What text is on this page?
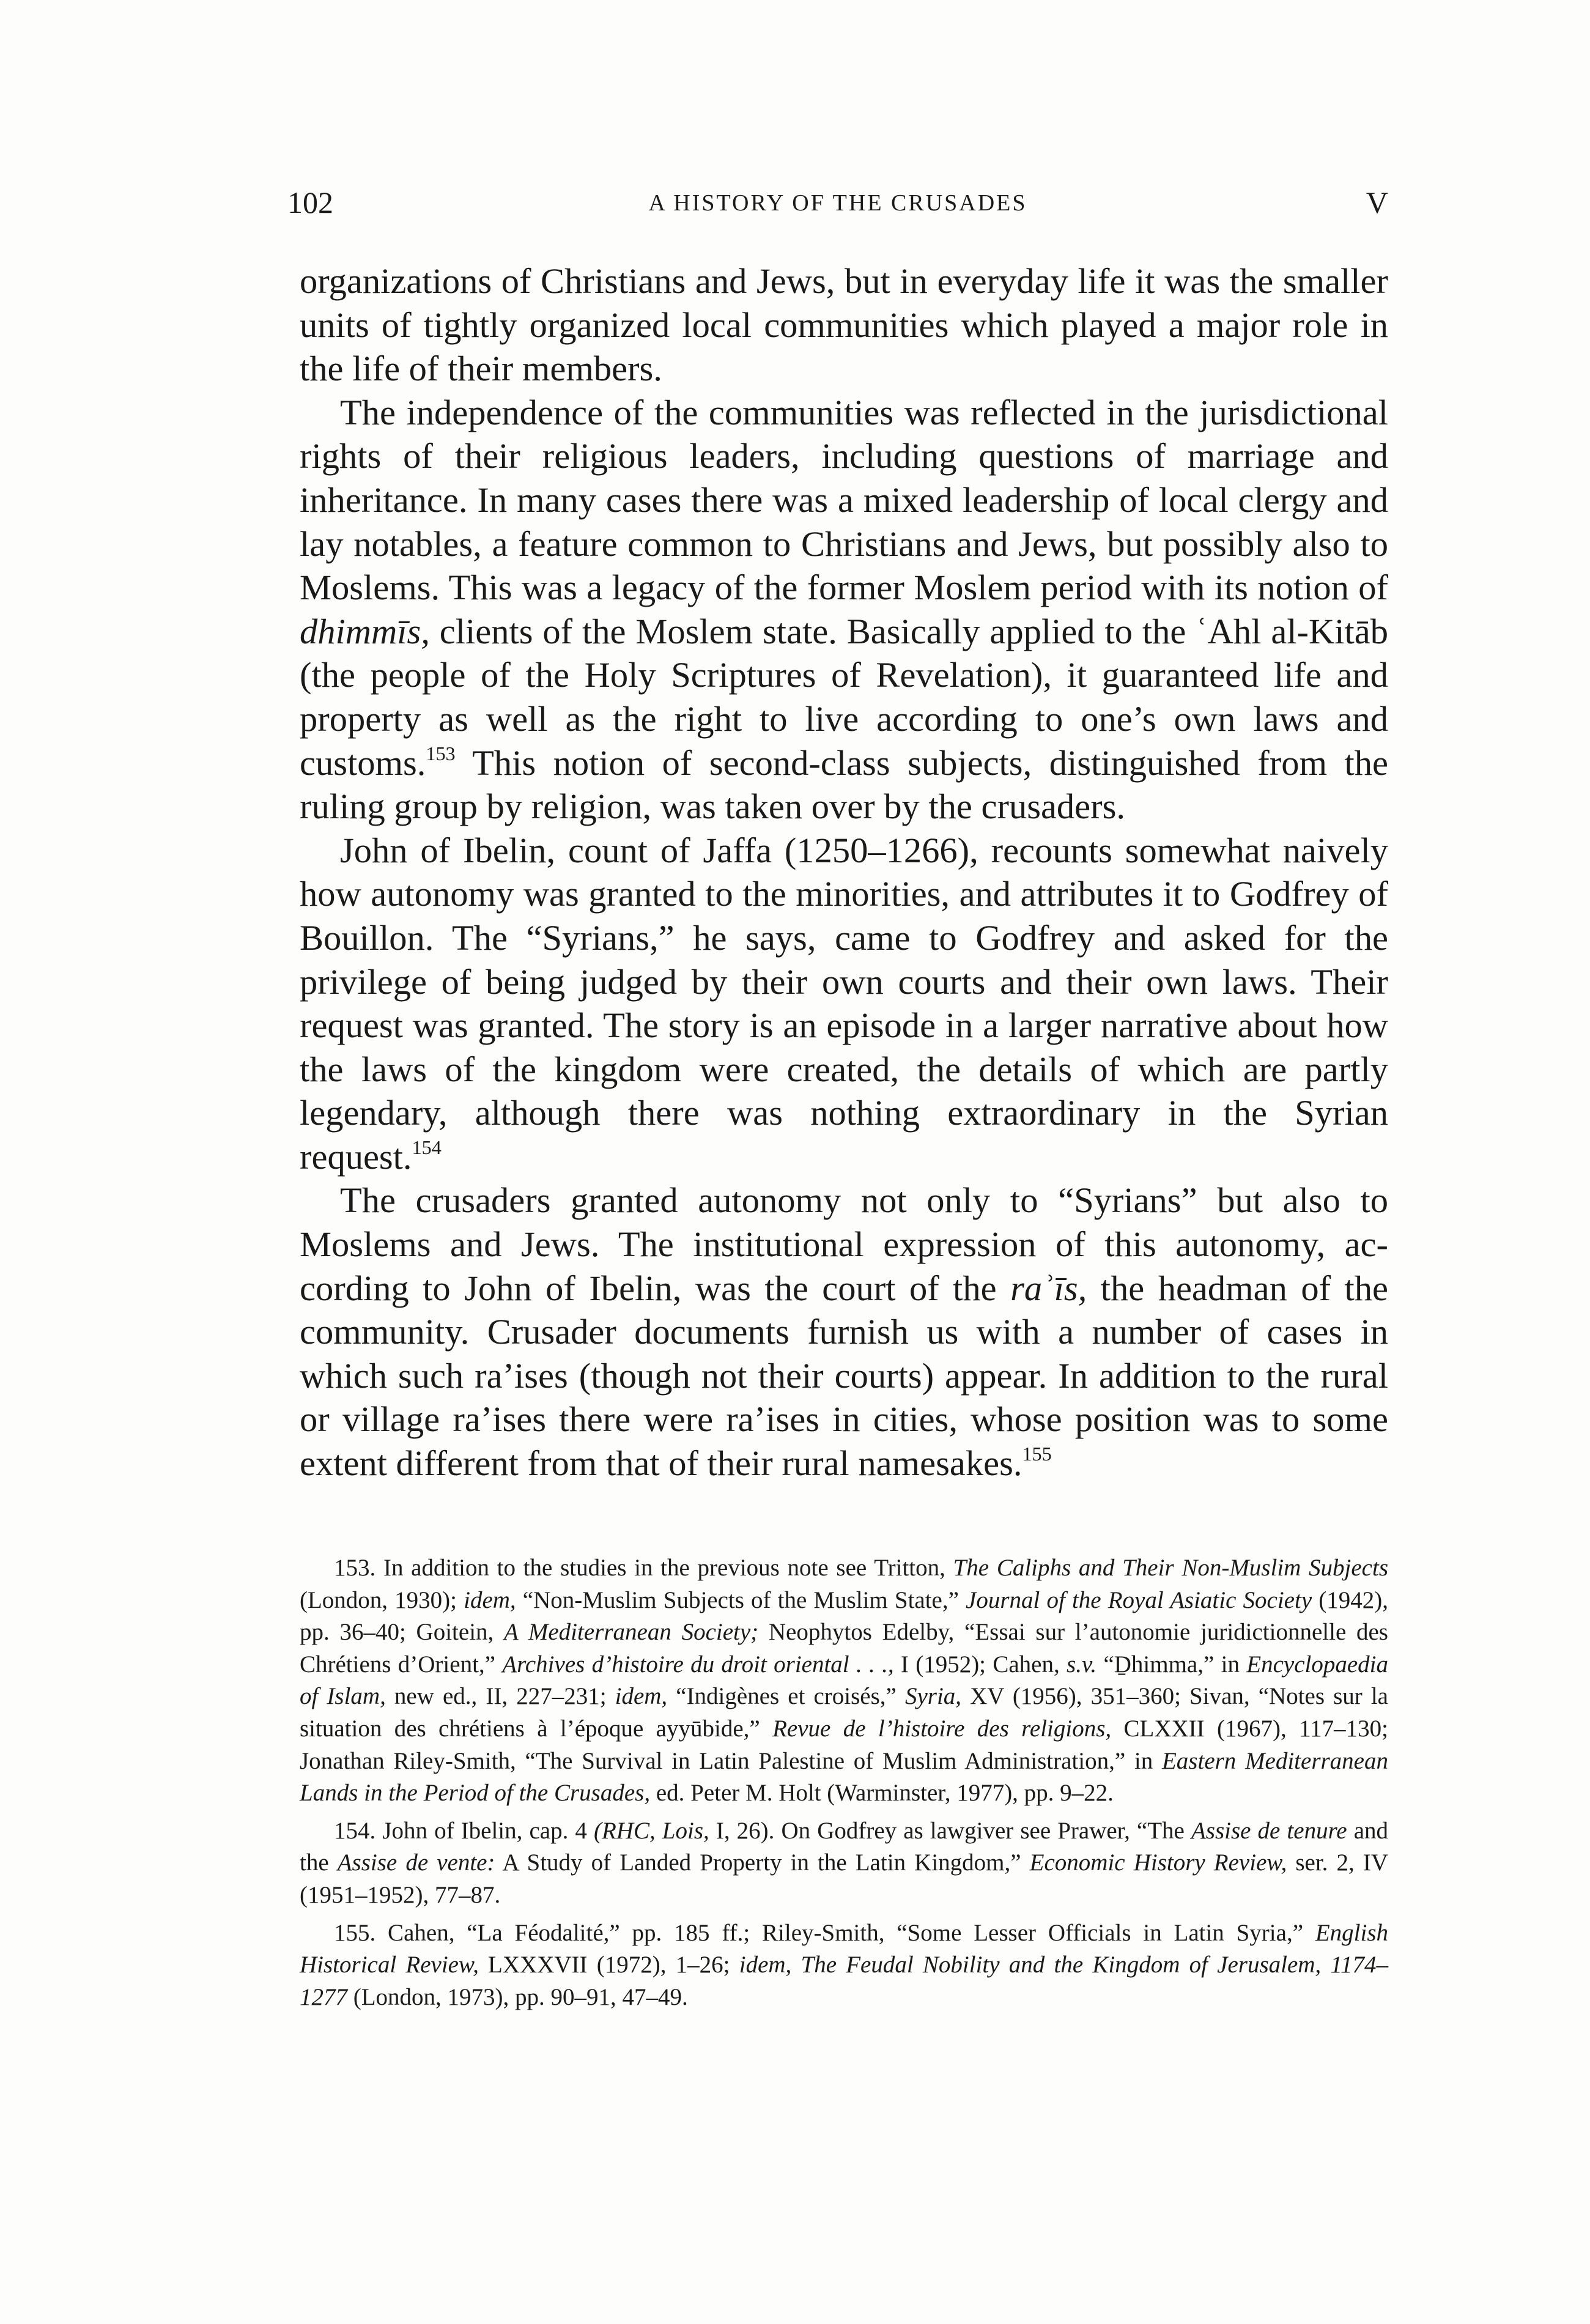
102	A HISTORY OF THE CRUSADES	V

organizations of Christians and Jews, but in everyday life it was the smaller units of tightly organized local communities which played a major role in the life of their members.

The independence of the communities was reflected in the jurisdictional rights of their religious leaders, including questions of marriage and inheritance. In many cases there was a mixed leadership of local clergy and lay notables, a feature common to Christians and Jews, but possibly also to Moslems. This was a legacy of the former Moslem period with its notion of dhimmīs, clients of the Moslem state. Basically applied to the ʿAhl al-Kitāb (the people of the Holy Scriptures of Revelation), it guaranteed life and property as well as the right to live according to one’s own laws and customs.$^{153}$ This notion of second-class subjects, distinguished from the ruling group by religion, was taken over by the crusaders.

John of Ibelin, count of Jaffa (1250–1266), recounts somewhat naively how autonomy was granted to the minorities, and attributes it to Godfrey of Bouillon. The “Syrians,” he says, came to Godfrey and asked for the privilege of being judged by their own courts and their own laws. Their request was granted. The story is an episode in a larger narrative about how the laws of the kingdom were created, the details of which are partly legendary, although there was nothing extraordinary in the Syrian request.$^{154}$

The crusaders granted autonomy not only to “Syrians” but also to Moslems and Jews. The institutional expression of this autonomy, according to John of Ibelin, was the court of the raʾīs, the headman of the community. Crusader documents furnish us with a number of cases in which such ra’ises (though not their courts) appear. In addition to the rural or village ra’ises there were ra’ises in cities, whose position was to some extent different from that of their rural namesakes.$^{155}$

153. In addition to the studies in the previous note see Tritton, The Caliphs and Their Non-Muslim Subjects (London, 1930); idem, “Non-Muslim Subjects of the Muslim State,” Journal of the Royal Asiatic Society (1942), pp. 36–40; Goitein, A Mediterranean Society; Neophytos Edelby, “Essai sur l’autonomie juridictionnelle des Chrétiens d’Orient,” Archives d’histoire du droit oriental . . ., I (1952); Cahen, s.v. “Ḏhimma,” in Encyclopaedia of Islam, new ed., II, 227–231; idem, “Indigènes et croisés,” Syria, XV (1956), 351–360; Sivan, “Notes sur la situation des chrétiens à l’époque ayyūbide,” Revue de l’histoire des religions, CLXXII (1967), 117–130; Jonathan Riley-Smith, “The Survival in Latin Palestine of Muslim Administration,” in Eastern Mediterranean Lands in the Period of the Crusades, ed. Peter M. Holt (Warminster, 1977), pp. 9–22.

154. John of Ibelin, cap. 4 (RHC, Lois, I, 26). On Godfrey as lawgiver see Prawer, “The Assise de tenure and the Assise de vente: A Study of Landed Property in the Latin Kingdom,” Economic History Review, ser. 2, IV (1951–1952), 77–87.

155. Cahen, “La Féodalité,” pp. 185 ff.; Riley-Smith, “Some Lesser Officials in Latin Syria,” English Historical Review, LXXXVII (1972), 1–26; idem, The Feudal Nobility and the Kingdom of Jerusalem, 1174–1277 (London, 1973), pp. 90–91, 47–49.
